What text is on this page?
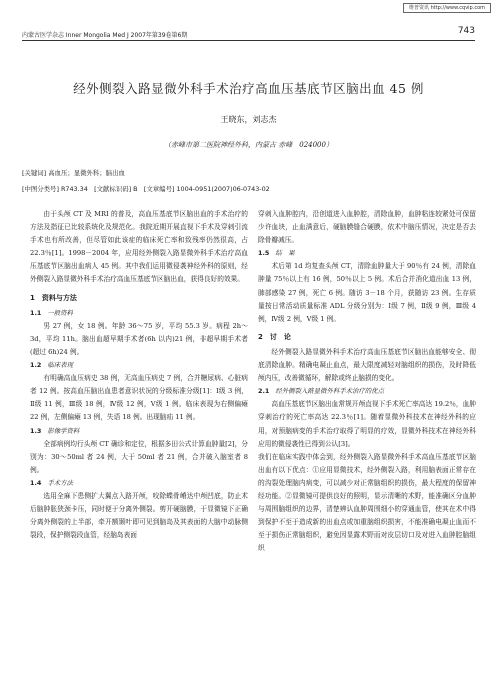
维普资讯 http://www.cqvip.com
内蒙古医学杂志 Inner Mongolia Med J 2007年第39卷第6期	743
经外侧裂入路显微外科手术治疗高血压基底节区脑出血 45 例
王晓东，刘志杰
（赤峰市第二医院神经外科，内蒙古 赤峰　024000）
[关键词] 高血压；显微外科；脑出血
[中图分类号] R743.34　[文献标识码] B　[文章编号] 1004-0951(2007)06-0743-02

由于头颅 CT 及 MRI 的普及，高血压基底节区脑出血的手术治疗的方法及指征已比较系统化及规范化。我院近期开展直视下手术及穿刺引流手术也有所改善，但尽管如此该症的临床死亡率和致残率仍然很高，占22.3％[1]。1998－2004 年，应用经外侧裂入路显微外科手术治疗高血压基底节区脑出血病人 45 例。其中我们运用微侵袭神经外科的原则，经外侧裂入路显微外科手术治疗高血压基底节区脑出血，获得良好的效果。

1　资料与方法
1.1 一般资料

男 27 例，女 18 例。年龄 36～75 岁，平均 55.3 岁。病程 2h～3d，平均 11h。脑出血超早期手术者(6h 以内)21 例，非超早期手术者(超过 6h)24 例。

1.2 临床表现

有明确高血压病史 38 例，无高血压病史 7 例，合并糖尿病、心脏病者 12 例。按高血压脑出血患者意识状况的分级标准分级[1]：Ⅰ级 3 例，Ⅱ级 11 例，Ⅲ级 18 例，Ⅳ级 12 例，Ⅴ级 1 例。临床表现为右侧偏瘫 22 例，左侧偏瘫 13 例，失语 18 例。出现脑疝 11 例。

1.3 影像学资料

全部病例均行头颅 CT 确诊和定位，根据多田公式计算血肿量[2]，分别为：30～50ml 者 24 例，大于 50ml 者 21 例，合并破入脑室者 8 例。

1.4 手术方法

选用全麻下患侧扩大翼点入路开颅，咬除蝶骨嵴达中颅凹底，防止术后脑肿胀狭颈卡压，同时便于分离外侧裂。剪开硬脑膜，于显微镜下正确分离外侧裂的上半部，牵开额颞叶即可见到脑岛及其表面的大脑中动脉侧裂段，保护侧裂段血管，经脑岛表面

穿刺入血肿腔内，沿创道进入血肿腔，清除血肿，血肿粘连较紧处可保留少许血块，止血满意后，硬脑膜缝合硬膜，依术中脑压情况，决定是否去除骨瓣减压。

1.5 结　果

术后第 1d 均复查头颅 CT，清除血肿量大于 90％有 24 例，清除血肿量 75％以上有 16 例，50％以上 5 例。术后合并消化道出血 13 例，肺部感染 27 例，死亡 6 例。随访 3－18 个月，获随访 23 例。生存质量按日常活动质量标准 ADL 分级分别为：Ⅰ级 7 例，Ⅱ级 9 例，Ⅲ级 4 例，Ⅳ级 2 例，Ⅴ级 1 例。

2　讨　论

经外侧裂入路显微外科手术治疗高血压基底节区脑出血能够安全、彻底清除血肿。精确电凝止血点，最大限度减轻对脑组织的损伤，及时降低颅内压，改善微循环，解除或终止脑损的变化。

2.1 经外侧裂入路显微外科手术治疗的优点

高血压基底节区脑出血常规开颅直视下手术死亡率高达 19.2％，血肿穿刺治疗的死亡率高达 22.3％[1]。随着显微外科技术在神经外科的应用，对预脑病变的手术治疗取得了明显的疗效，显微外科技术在神经外科应用的微侵袭性已得到公认[3]。

我们在临床实践中体会到，经外侧裂入路显微外科手术高血压基底节区脑出血有以下优点：①应用显微技术，经外侧裂入路，利用脑表面正常存在的沟裂处理脑内病变，可以减少对正常脑组织的损伤，最大程度的保留神经功能。②显微镜可提供良好的照明，显示清晰的术野，能准确区分血肿与周围脑组织的边界，清楚辨认血肿周围细小的穿通血管，使其在术中得到保护不至于造成新的出血点或加重脑组织损害，不能准确电凝止血而不至于损伤正常脑组织，避免因显露术野而对皮层切口及对进入血肿腔脑组织
